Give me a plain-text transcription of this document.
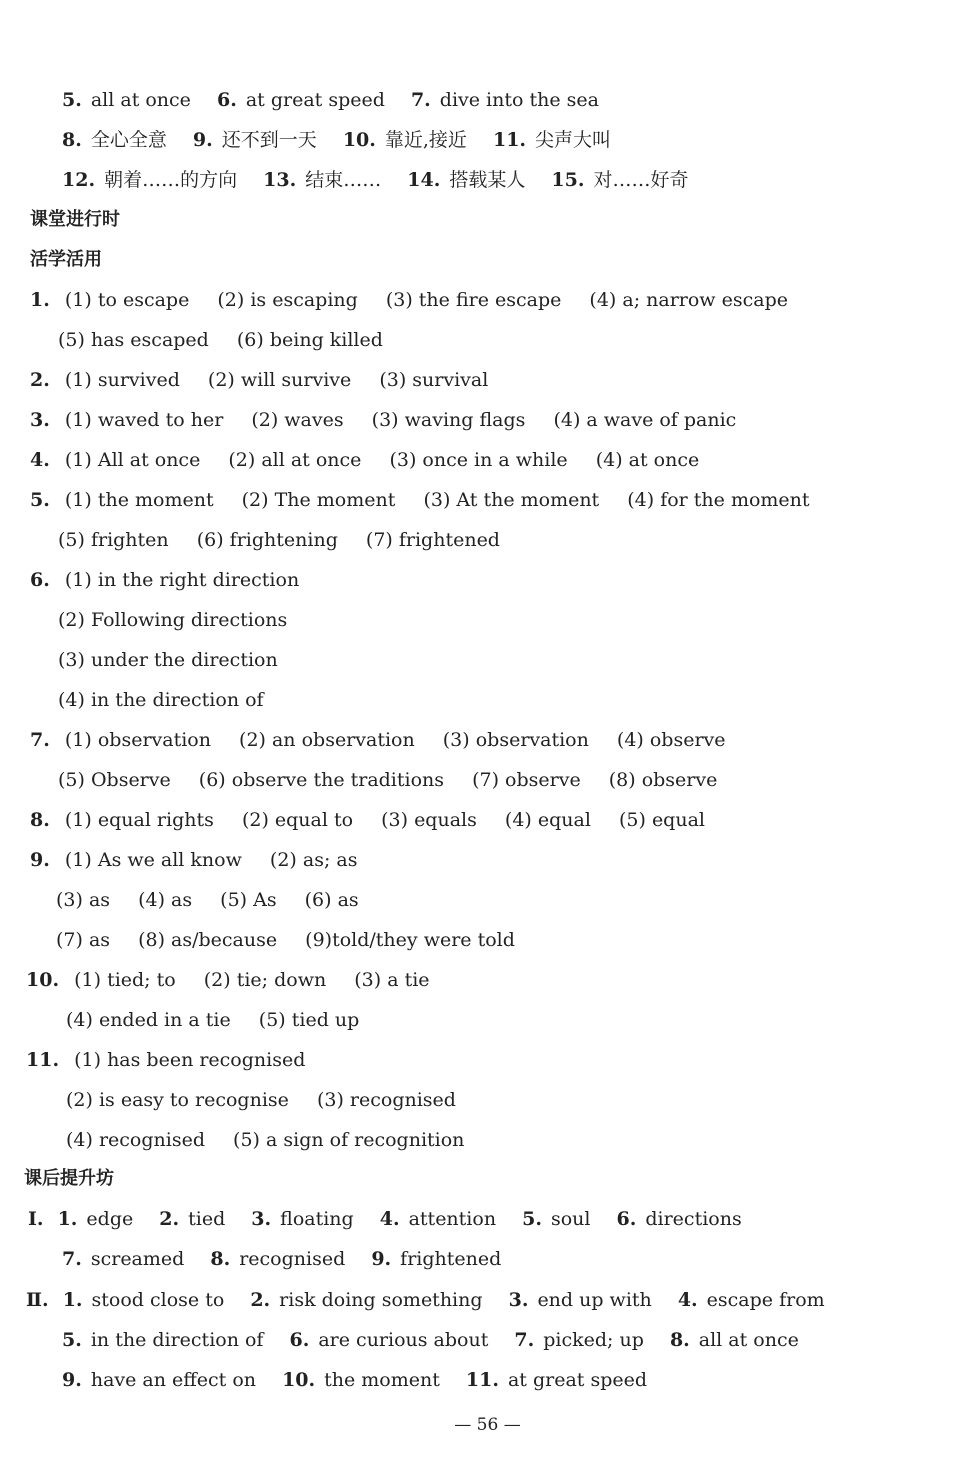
5. all at once 6. at great speed 7. dive into the sea
8. 全心全意 9. 还不到一天 10. 靠近,接近 11. 尖声大叫
12. 朝着……的方向 13. 结束…… 14. 搭载某人 15. 对……好奇
课堂进行时
活学活用
1. (1) to escape (2) is escaping (3) the fire escape (4) a; narrow escape
(5) has escaped (6) being killed
2. (1) survived (2) will survive (3) survival
3. (1) waved to her (2) waves (3) waving flags (4) a wave of panic
4. (1) All at once (2) all at once (3) once in a while (4) at once
5. (1) the moment (2) The moment (3) At the moment (4) for the moment
(5) frighten (6) frightening (7) frightened
6. (1) in the right direction
(2) Following directions
(3) under the direction
(4) in the direction of
7. (1) observation (2) an observation (3) observation (4) observe
(5) Observe (6) observe the traditions (7) observe (8) observe
8. (1) equal rights (2) equal to (3) equals (4) equal (5) equal
9. (1) As we all know (2) as; as
(3) as (4) as (5) As (6) as
(7) as (8) as/because (9)told/they were told
10. (1) tied; to (2) tie; down (3) a tie
(4) ended in a tie (5) tied up
11. (1) has been recognised
(2) is easy to recognise (3) recognised
(4) recognised (5) a sign of recognition
课后提升坊
Ⅰ. 1. edge 2. tied 3. floating 4. attention 5. soul 6. directions
7. screamed 8. recognised 9. frightened
Ⅱ. 1. stood close to 2. risk doing something 3. end up with 4. escape from
5. in the direction of 6. are curious about 7. picked; up 8. all at once
9. have an effect on 10. the moment 11. at great speed
— 56 —
